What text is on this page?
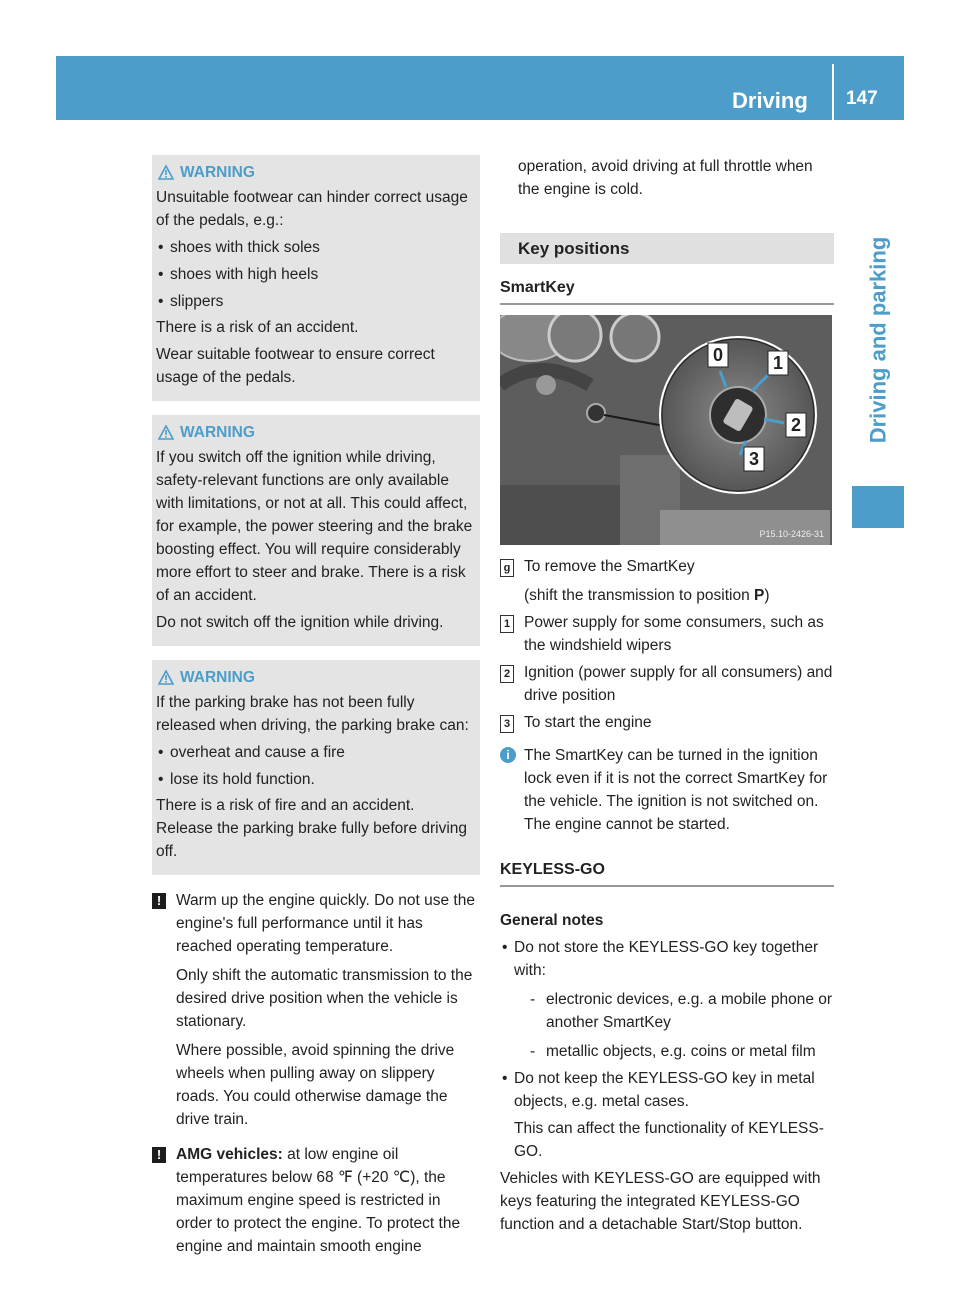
Driving 147
Driving and parking
WARNING

Unsuitable footwear can hinder correct usage of the pedals, e.g.:

• shoes with thick soles

• shoes with high heels

• slippers

There is a risk of an accident.

Wear suitable footwear to ensure correct usage of the pedals.

WARNING

If you switch off the ignition while driving, safety-relevant functions are only available with limitations, or not at all. This could affect, for example, the power steering and the brake boosting effect. You will require considerably more effort to steer and brake. There is a risk of an accident.

Do not switch off the ignition while driving.

WARNING

If the parking brake has not been fully released when driving, the parking brake can:

• overheat and cause a fire

• lose its hold function.

There is a risk of fire and an accident. Release the parking brake fully before driving off.

! Warm up the engine quickly. Do not use the engine's full performance until it has reached operating temperature.

Only shift the automatic transmission to the desired drive position when the vehicle is stationary.

Where possible, avoid spinning the drive wheels when pulling away on slippery roads. You could otherwise damage the drive train.

! AMG vehicles: at low engine oil temperatures below 68 ℉ (+20 ℃), the maximum engine speed is restricted in order to protect the engine. To protect the engine and maintain smooth engine

operation, avoid driving at full throttle when the engine is cold.

Key positions
SmartKey
0	1
2
3
P15.10-2426-31

g To remove the SmartKey

(shift the transmission to position P)

1 Power supply for some consumers, such as the windshield wipers

2 Ignition (power supply for all consumers) and drive position

3 To start the engine

i The SmartKey can be turned in the ignition lock even if it is not the correct SmartKey for the vehicle. The ignition is not switched on. The engine cannot be started.

KEYLESS-GO

General notes

• Do not store the KEYLESS-GO key together with:

- electronic devices, e.g. a mobile phone or another SmartKey

- metallic objects, e.g. coins or metal film

• Do not keep the KEYLESS-GO key in metal objects, e.g. metal cases.

This can affect the functionality of KEYLESS-GO.

Vehicles with KEYLESS-GO are equipped with keys featuring the integrated KEYLESS-GO function and a detachable Start/Stop button.
